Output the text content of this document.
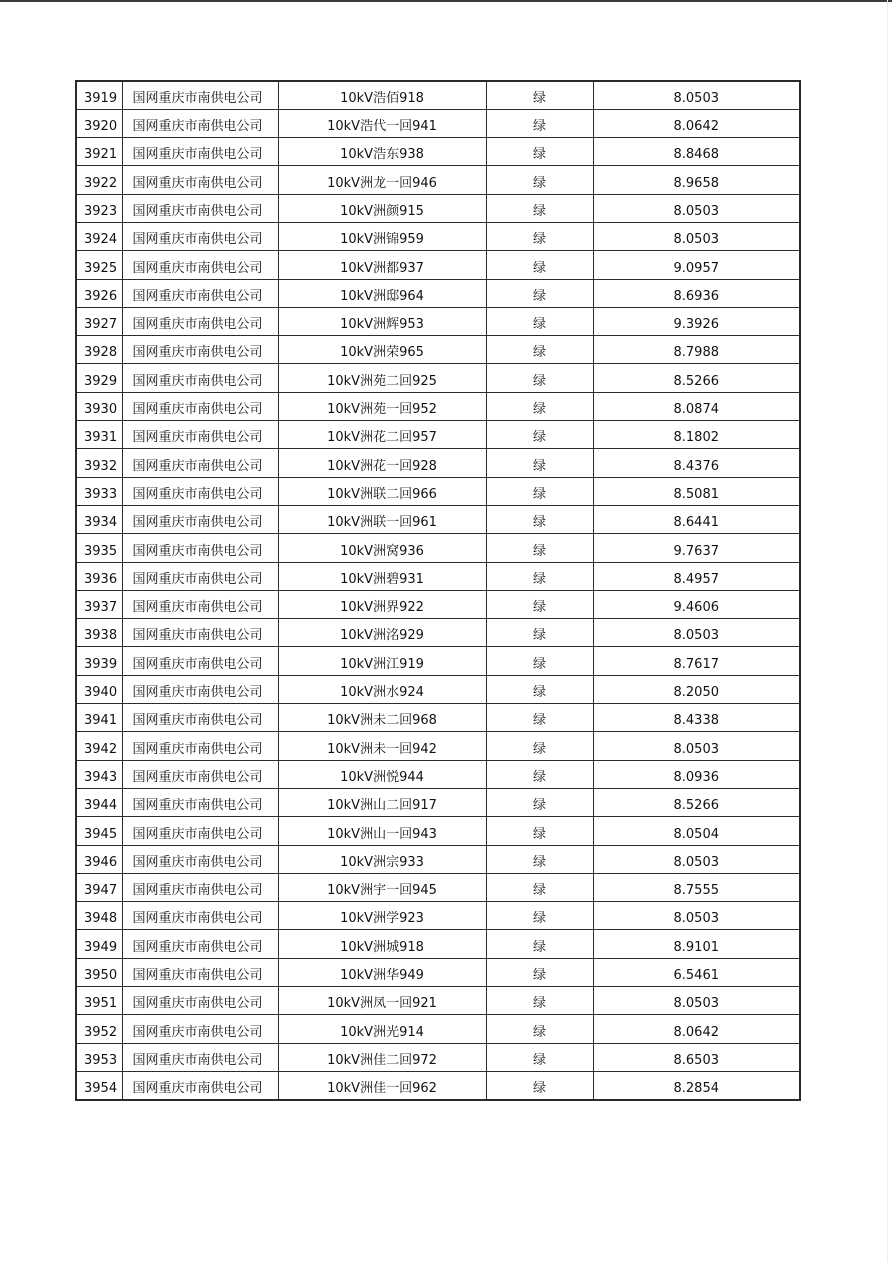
3919	国网重庆市南供电公司	10kV浩佰918	绿	8.0503
3920	国网重庆市南供电公司	10kV浩代一回941	绿	8.0642
3921	国网重庆市南供电公司	10kV浩东938	绿	8.8468
3922	国网重庆市南供电公司	10kV洲龙一回946	绿	8.9658
3923	国网重庆市南供电公司	10kV洲颜915	绿	8.0503
3924	国网重庆市南供电公司	10kV洲锦959	绿	8.0503
3925	国网重庆市南供电公司	10kV洲都937	绿	9.0957
3926	国网重庆市南供电公司	10kV洲邸964	绿	8.6936
3927	国网重庆市南供电公司	10kV洲辉953	绿	9.3926
3928	国网重庆市南供电公司	10kV洲荣965	绿	8.7988
3929	国网重庆市南供电公司	10kV洲苑二回925	绿	8.5266
3930	国网重庆市南供电公司	10kV洲苑一回952	绿	8.0874
3931	国网重庆市南供电公司	10kV洲花二回957	绿	8.1802
3932	国网重庆市南供电公司	10kV洲花一回928	绿	8.4376
3933	国网重庆市南供电公司	10kV洲联二回966	绿	8.5081
3934	国网重庆市南供电公司	10kV洲联一回961	绿	8.6441
3935	国网重庆市南供电公司	10kV洲窝936	绿	9.7637
3936	国网重庆市南供电公司	10kV洲碧931	绿	8.4957
3937	国网重庆市南供电公司	10kV洲界922	绿	9.4606
3938	国网重庆市南供电公司	10kV洲洺929	绿	8.0503
3939	国网重庆市南供电公司	10kV洲江919	绿	8.7617
3940	国网重庆市南供电公司	10kV洲水924	绿	8.2050
3941	国网重庆市南供电公司	10kV洲未二回968	绿	8.4338
3942	国网重庆市南供电公司	10kV洲未一回942	绿	8.0503
3943	国网重庆市南供电公司	10kV洲悦944	绿	8.0936
3944	国网重庆市南供电公司	10kV洲山二回917	绿	8.5266
3945	国网重庆市南供电公司	10kV洲山一回943	绿	8.0504
3946	国网重庆市南供电公司	10kV洲宗933	绿	8.0503
3947	国网重庆市南供电公司	10kV洲宇一回945	绿	8.7555
3948	国网重庆市南供电公司	10kV洲学923	绿	8.0503
3949	国网重庆市南供电公司	10kV洲城918	绿	8.9101
3950	国网重庆市南供电公司	10kV洲华949	绿	6.5461
3951	国网重庆市南供电公司	10kV洲凤一回921	绿	8.0503
3952	国网重庆市南供电公司	10kV洲光914	绿	8.0642
3953	国网重庆市南供电公司	10kV洲佳二回972	绿	8.6503
3954	国网重庆市南供电公司	10kV洲佳一回962	绿	8.2854
